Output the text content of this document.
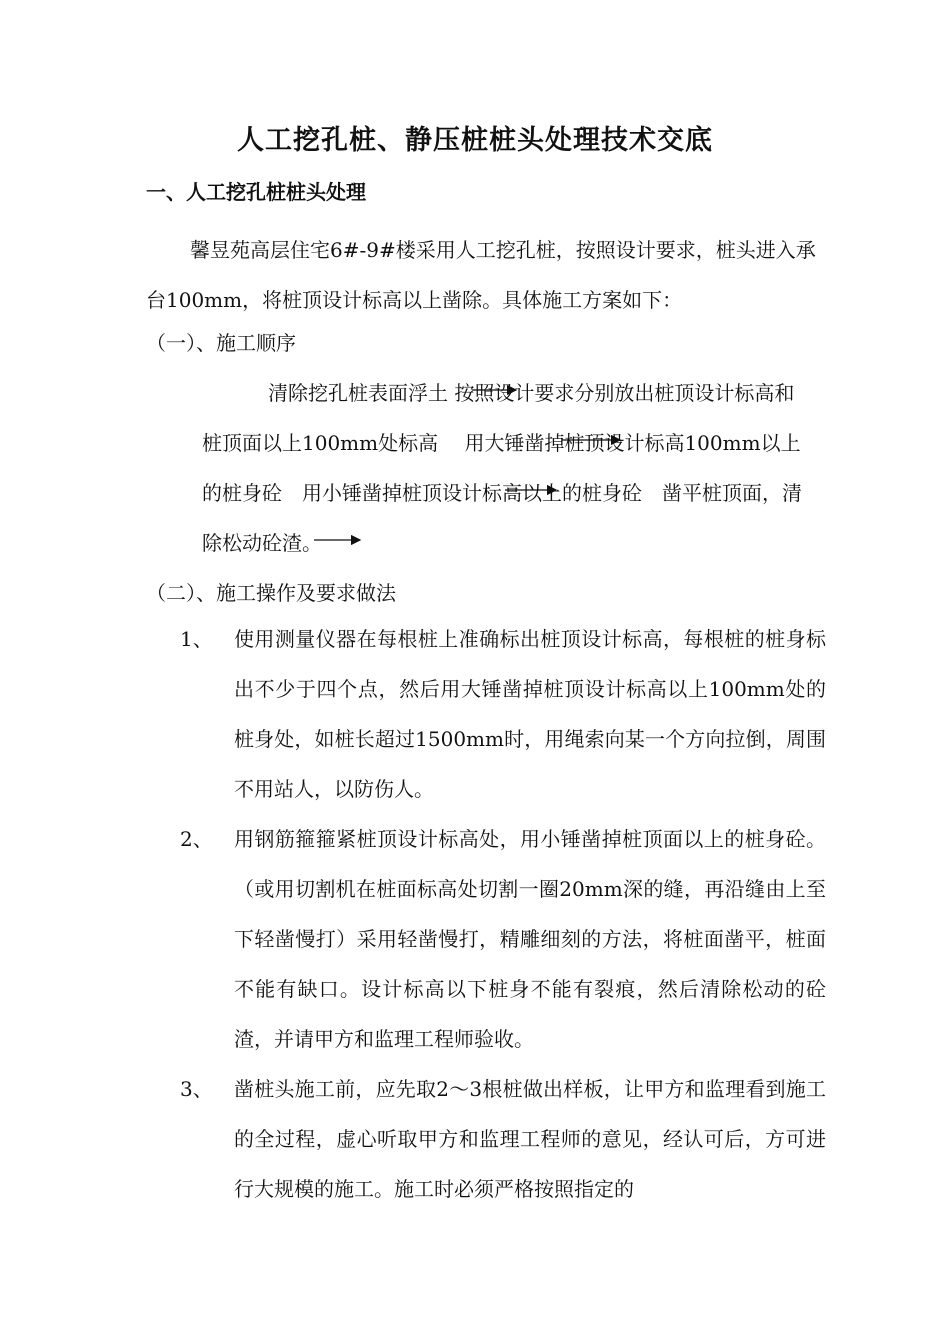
人工挖孔桩、静压桩桩头处理技术交底
一、人工挖孔桩桩头处理

馨昱苑高层住宅6#-9#楼采用人工挖孔桩，按照设计要求，桩头进入承台100mm，将桩顶设计标高以上凿除。具体施工方案如下：

（一）、施工顺序

清除挖孔桩表面浮土 按照设计要求分别放出桩顶设计标高和桩顶面以上100mm处标高　 用大锤凿掉桩顶设计标高100mm以上的桩身砼　用小锤凿掉桩顶设计标高以上的桩身砼　凿平桩顶面，清除松动砼渣。

（二）、施工操作及要求做法

1、 使用测量仪器在每根桩上准确标出桩顶设计标高，每根桩的桩身标出不少于四个点，然后用大锤凿掉桩顶设计标高以上100mm处的桩身处，如桩长超过1500mm时，用绳索向某一个方向拉倒，周围不用站人，以防伤人。
2、 用钢筋箍箍紧桩顶设计标高处，用小锤凿掉桩顶面以上的桩身砼。（或用切割机在桩面标高处切割一圈20mm深的缝，再沿缝由上至下轻凿慢打）采用轻凿慢打，精雕细刻的方法，将桩面凿平，桩面不能有缺口。设计标高以下桩身不能有裂痕，然后清除松动的砼渣，并请甲方和监理工程师验收。
3、 凿桩头施工前，应先取2～3根桩做出样板，让甲方和监理看到施工的全过程，虚心听取甲方和监理工程师的意见，经认可后，方可进行大规模的施工。施工时必须严格按照指定的
